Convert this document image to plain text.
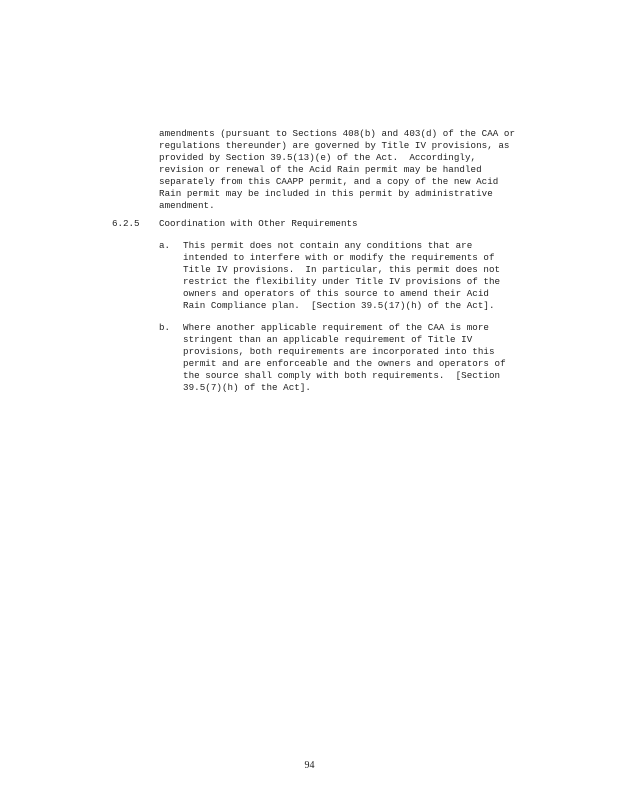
amendments (pursuant to Sections 408(b) and 403(d) of the CAA or
regulations thereunder) are governed by Title IV provisions, as
provided by Section 39.5(13)(e) of the Act.  Accordingly,
revision or renewal of the Acid Rain permit may be handled
separately from this CAAPP permit, and a copy of the new Acid
Rain permit may be included in this permit by administrative
amendment.
6.2.5 Coordination with Other Requirements
a. This permit does not contain any conditions that are
intended to interfere with or modify the requirements of
Title IV provisions.  In particular, this permit does not
restrict the flexibility under Title IV provisions of the
owners and operators of this source to amend their Acid
Rain Compliance plan.  [Section 39.5(17)(h) of the Act].
b. Where another applicable requirement of the CAA is more
stringent than an applicable requirement of Title IV
provisions, both requirements are incorporated into this
permit and are enforceable and the owners and operators of
the source shall comply with both requirements.  [Section
39.5(7)(h) of the Act].
94
